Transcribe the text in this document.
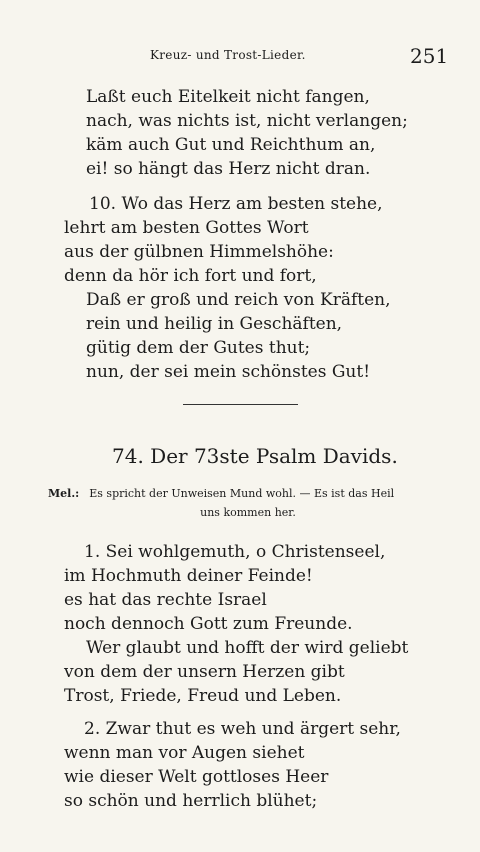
Kreuz- und Trost-Lieder.	251
Laßt euch Eitelkeit nicht fangen,
nach, was nichts ist, nicht verlangen;
käm auch Gut und Reichthum an,
ei! so hängt das Herz nicht dran.
10. Wo das Herz am besten stehe,
lehrt am besten Gottes Wort
aus der gülbnen Himmelshöhe:
denn da hör ich fort und fort,
Daß er groß und reich von Kräften,
rein und heilig in Geschäften,
gütig dem der Gutes thut;
nun, der sei mein schönstes Gut!
74. Der 73ste Psalm Davids.
Mel.: Es spricht der Unweisen Mund wohl. — Es ist das Heil
uns kommen her.
1. Sei wohlgemuth, o Christenseel,
im Hochmuth deiner Feinde!
es hat das rechte Israel
noch dennoch Gott zum Freunde.
Wer glaubt und hofft der wird geliebt
von dem der unsern Herzen gibt
Trost, Friede, Freud und Leben.
2. Zwar thut es weh und ärgert sehr,
wenn man vor Augen siehet
wie dieser Welt gottloses Heer
so schön und herrlich blühet;
